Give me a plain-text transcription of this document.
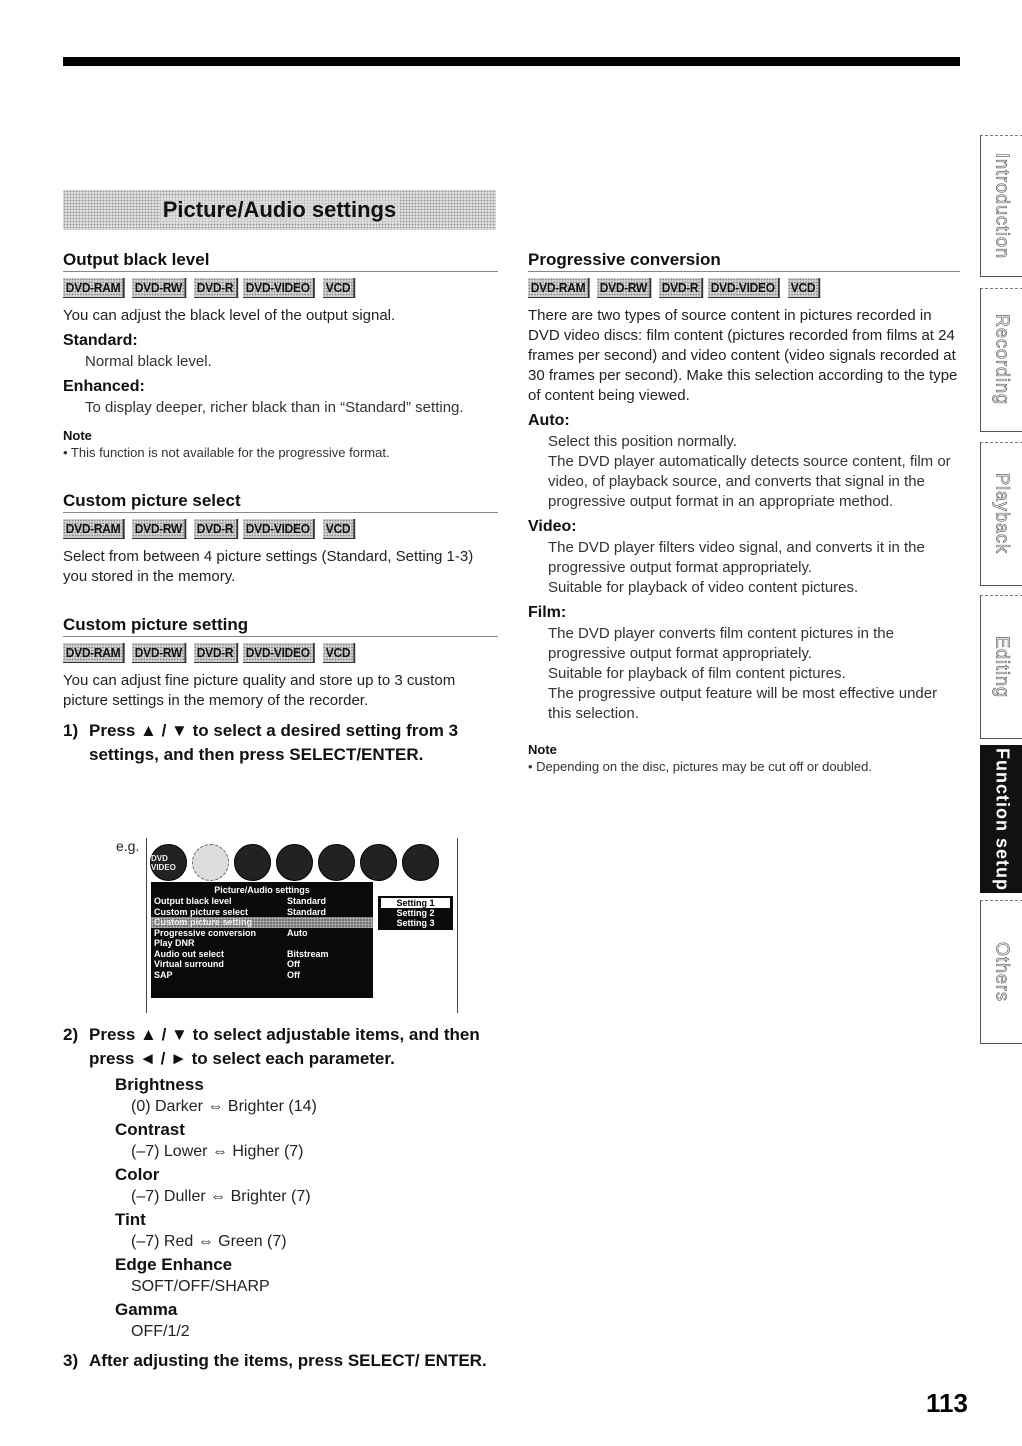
Picture/Audio settings
Output black level
DVD-RAM	DVD-RW	DVD-R	DVD-VIDEO	VCD

You can adjust the black level of the output signal.

Standard:

Normal black level.

Enhanced:

To display deeper, richer black than in “Standard” setting.

Note

• This function is not available for the progressive format.

Custom picture select
DVD-RAM	DVD-RW	DVD-R	DVD-VIDEO	VCD

Select from between 4 picture settings (Standard, Setting 1-3) you stored in the memory.

Custom picture setting
DVD-RAM	DVD-RW	DVD-R	DVD-VIDEO	VCD

You can adjust fine picture quality and store up to 3 custom picture settings in the memory of the recorder.

1) Press ▲ / ▼ to select a desired setting from 3 settings, and then press SELECT/ENTER.
e.g.
DVD VIDEO
Picture/Audio settings
Output black level	Standard
Custom picture select	Standard
Custom picture setting
Progressive conversion	Auto
Play DNR
Audio out select	Bitstream
Virtual surround	Off
SAP	Off
Setting 1
Setting 2
Setting 3
2) Press ▲ / ▼ to select adjustable items, and then press ◄ / ► to select each parameter.
Brightness
(0) Darker ⇔ Brighter (14)
Contrast
(–7) Lower ⇔ Higher (7)
Color
(–7) Duller ⇔ Brighter (7)
Tint
(–7) Red ⇔ Green (7)
Edge Enhance
SOFT/OFF/SHARP
Gamma
OFF/1/2
3) After adjusting the items, press SELECT/ ENTER.
Progressive conversion
DVD-RAM	DVD-RW	DVD-R	DVD-VIDEO	VCD

There are two types of source content in pictures recorded in DVD video discs: film content (pictures recorded from films at 24 frames per second) and video content (video signals recorded at 30 frames per second). Make this selection according to the type of content being viewed.

Auto:

Select this position normally.

The DVD player automatically detects source content, film or video, of playback source, and converts that signal in the progressive output format in an appropriate method.

Video:

The DVD player filters video signal, and converts it in the progressive output format appropriately.

Suitable for playback of video content pictures.

Film:

The DVD player converts film content pictures in the progressive output format appropriately.

Suitable for playback of film content pictures.

The progressive output feature will be most effective under this selection.

Note

• Depending on the disc, pictures may be cut off or doubled.

Introduction
Recording
Playback
Editing
Function setup
Others
113
